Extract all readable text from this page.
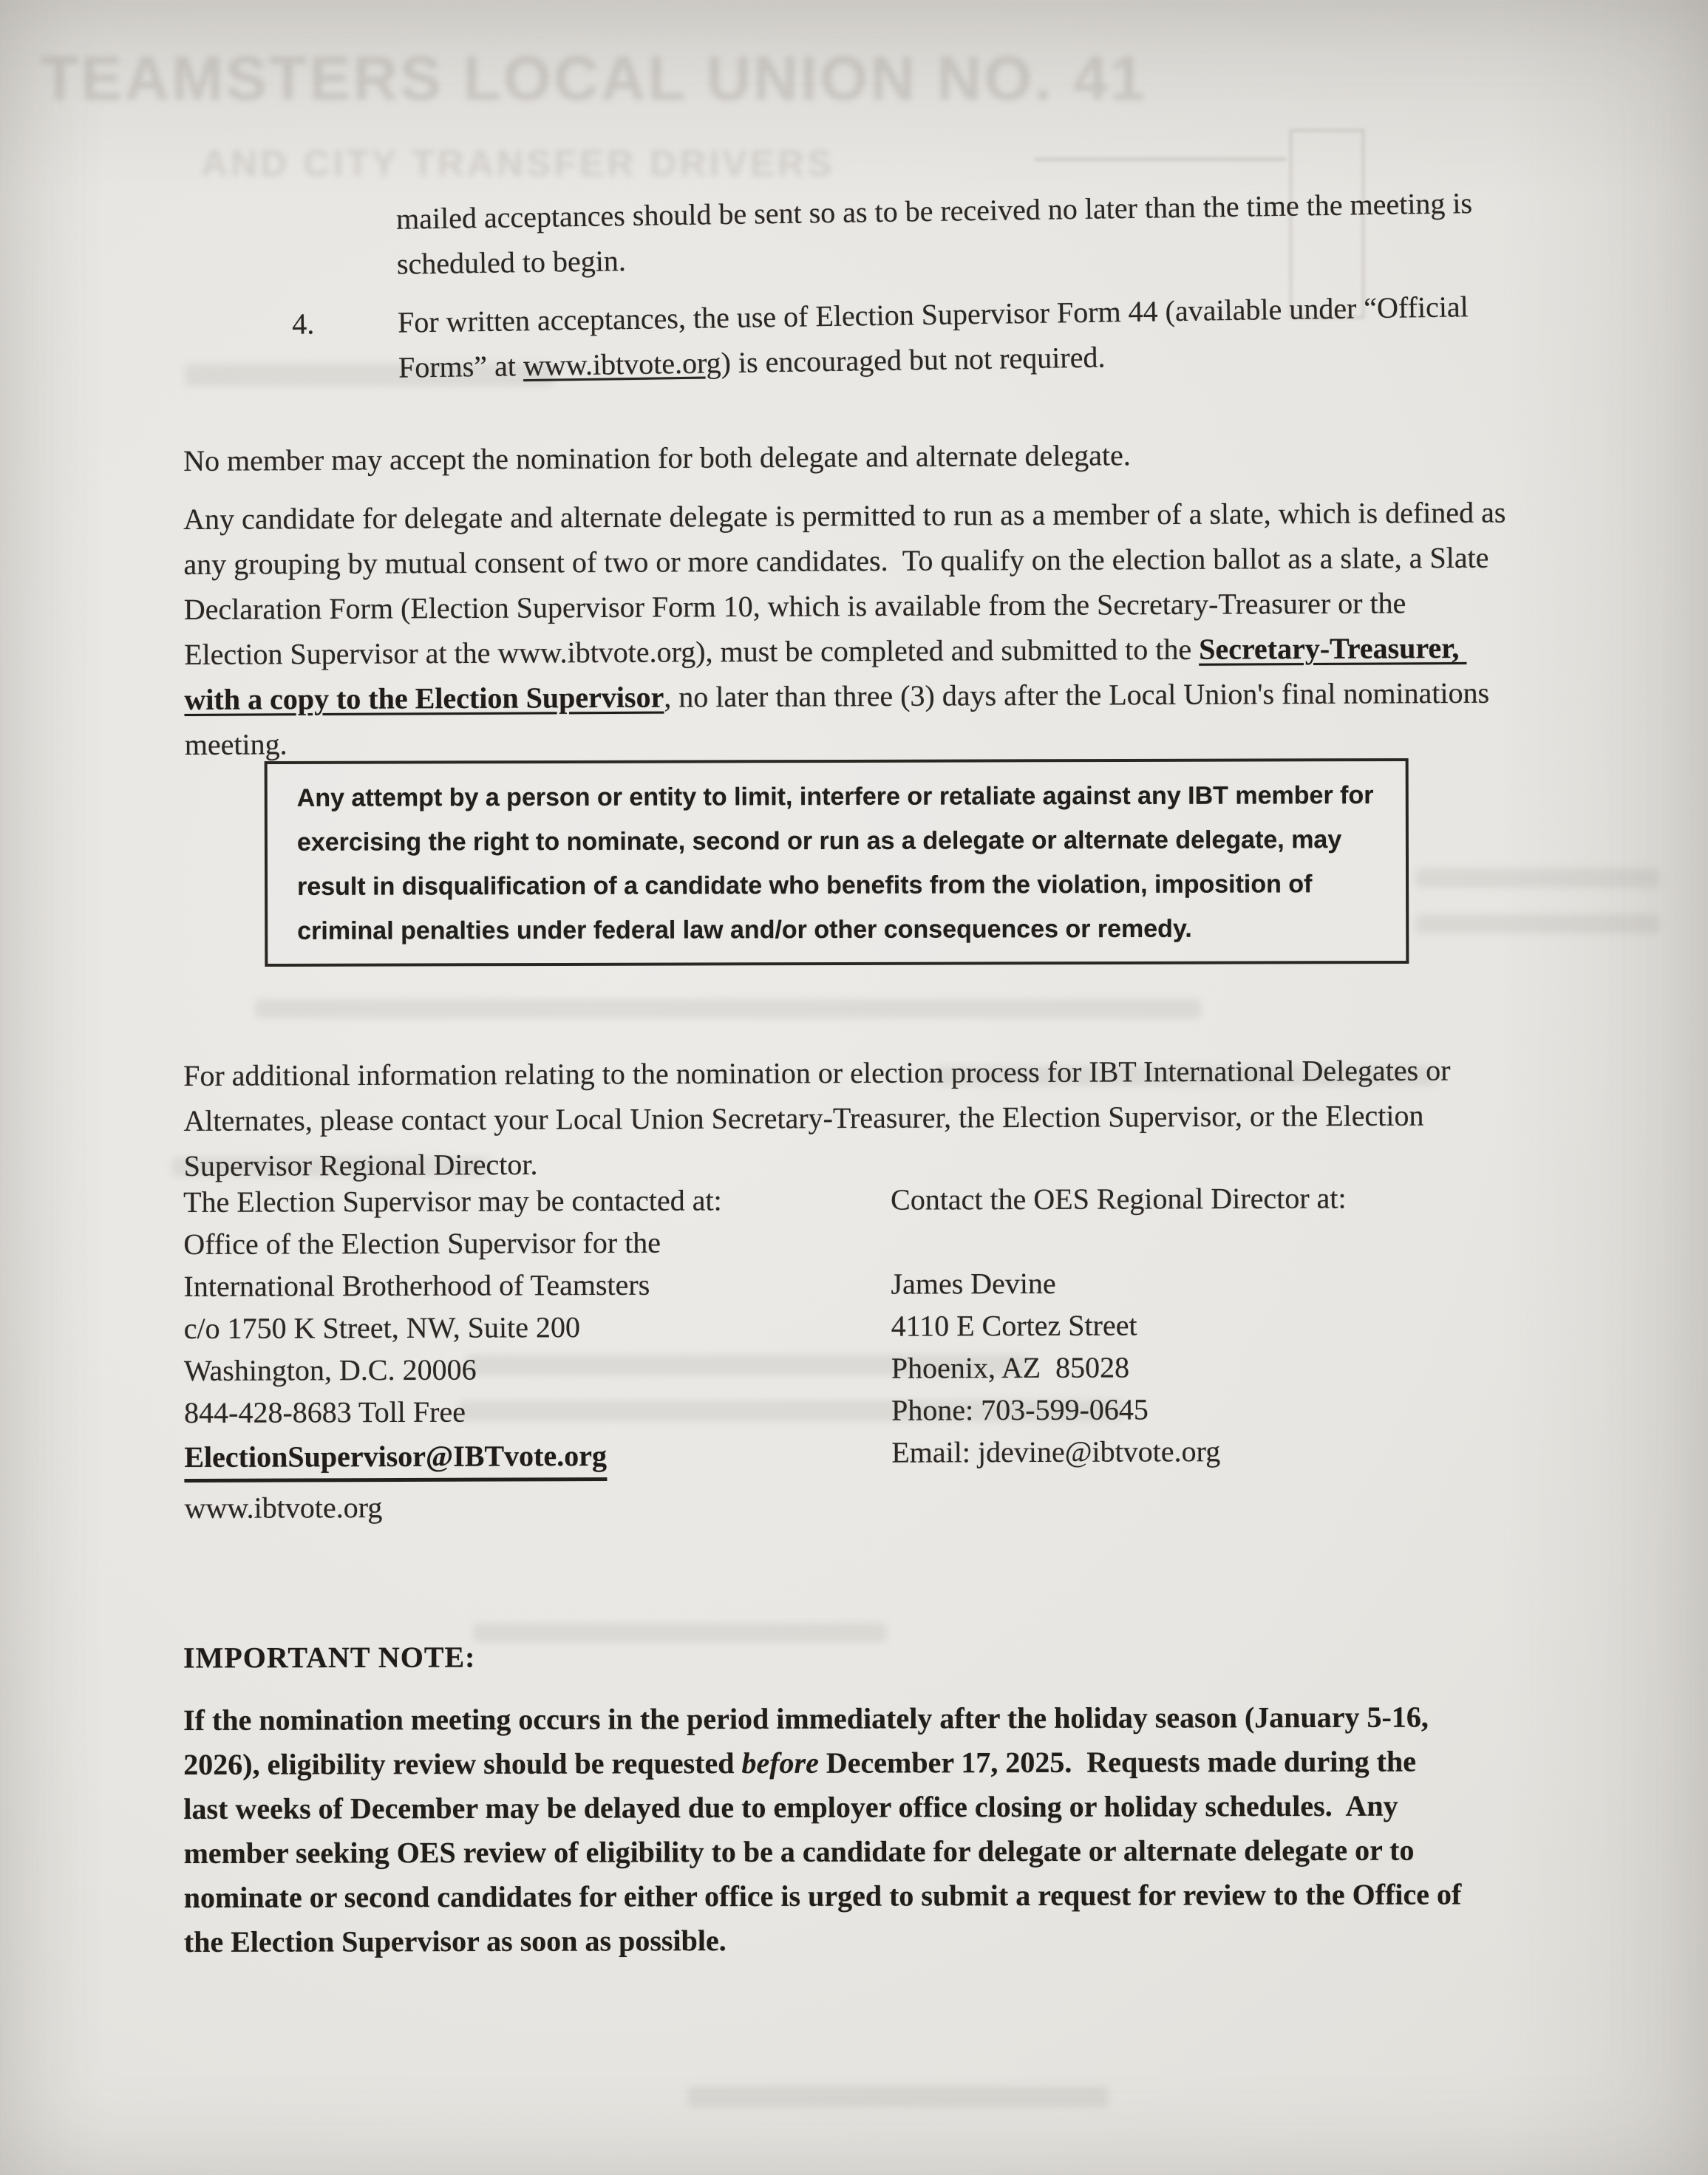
TEAMSTERS LOCAL UNION NO. 41
AND CITY TRANSFER DRIVERS

mailed acceptances should be sent so as to be received no later than the time the meeting is scheduled to begin.

4.	For written acceptances, the use of Election Supervisor Form 44 (available under “Official Forms” at www.ibtvote.org) is encouraged but not required.

No member may accept the nomination for both delegate and alternate delegate.

Any candidate for delegate and alternate delegate is permitted to run as a member of a slate, which is defined as any grouping by mutual consent of two or more candidates.  To qualify on the election ballot as a slate, a Slate Declaration Form (Election Supervisor Form 10, which is available from the Secretary-Treasurer or the Election Supervisor at the www.ibtvote.org), must be completed and submitted to the Secretary-Treasurer, with a copy to the Election Supervisor, no later than three (3) days after the Local Union's final nominations meeting.

Any attempt by a person or entity to limit, interfere or retaliate against any IBT member for exercising the right to nominate, second or run as a delegate or alternate delegate, may result in disqualification of a candidate who benefits from the violation, imposition of criminal penalties under federal law and/or other consequences or remedy.

For additional information relating to the nomination or election process for IBT International Delegates or Alternates, please contact your Local Union Secretary-Treasurer, the Election Supervisor, or the Election Supervisor Regional Director.

The Election Supervisor may be contacted at:
Office of the Election Supervisor for the
International Brotherhood of Teamsters
c/o 1750 K Street, NW, Suite 200
Washington, D.C. 20006
844-428-8683 Toll Free
ElectionSupervisor@IBTvote.org
www.ibtvote.org
Contact the OES Regional Director at:
James Devine
4110 E Cortez Street
Phoenix, AZ  85028
Phone: 703-599-0645
Email: jdevine@ibtvote.org

IMPORTANT NOTE:

If the nomination meeting occurs in the period immediately after the holiday season (January 5-16, 2026), eligibility review should be requested before December 17, 2025.  Requests made during the last weeks of December may be delayed due to employer office closing or holiday schedules.  Any member seeking OES review of eligibility to be a candidate for delegate or alternate delegate or to nominate or second candidates for either office is urged to submit a request for review to the Office of the Election Supervisor as soon as possible.
